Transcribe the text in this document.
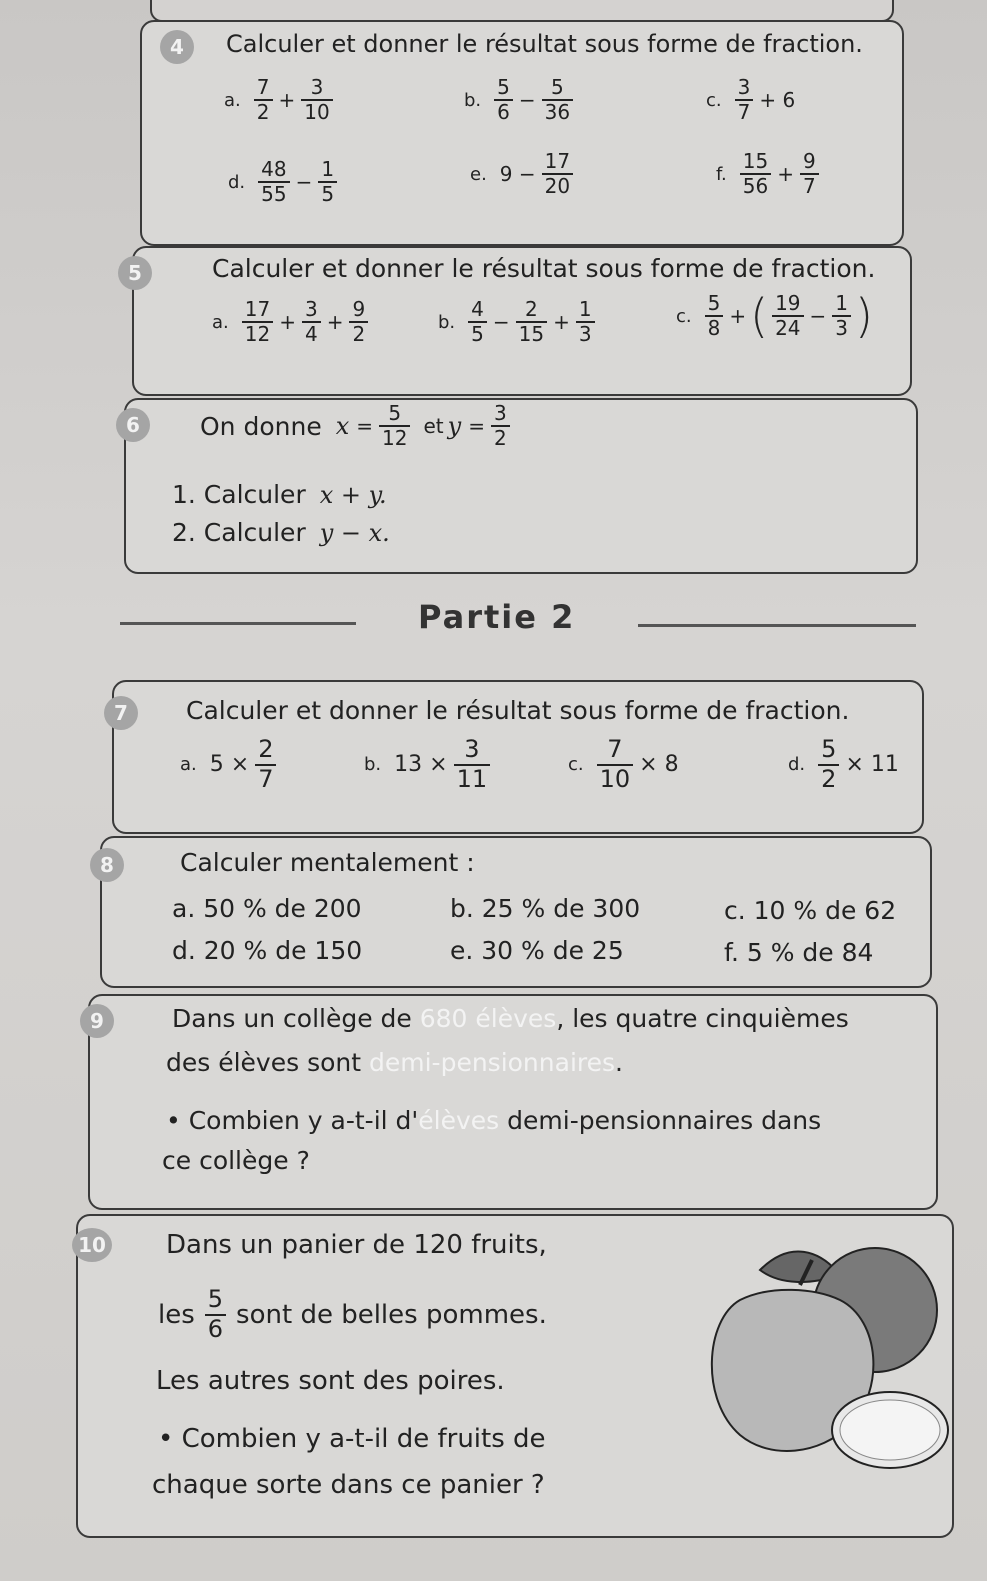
4	Calculer et donner le résultat sous forme de fraction.
a. $\frac{7}{2} + \frac{3}{10}$	b. $\frac{5}{6} - \frac{5}{36}$	c. $\frac{3}{7} + 6$
d. $\frac{48}{55} - \frac{1}{5}$	e. $9 - \frac{17}{20}$	f. $\frac{15}{56} + \frac{9}{7}$
5	Calculer et donner le résultat sous forme de fraction.
a. $\frac{17}{12} + \frac{3}{4} + \frac{9}{2}$	b. $\frac{4}{5} - \frac{2}{15} + \frac{1}{3}$	c. $\frac{5}{8}$ + ( $\frac{19}{24} - \frac{1}{3}$ )
6	On donne $x = \frac{5}{12}$ et $y = \frac{3}{2}$
1. Calculer x + y.
2. Calculer y − x.
Partie 2
7	Calculer et donner le résultat sous forme de fraction.
a. $5 \times \frac{2}{7}$	b. $13 \times \frac{3}{11}$	c. $\frac{7}{10} \times 8$	d. $\frac{5}{2} \times 11$
8	Calculer mentalement :
a. 50 % de 200	b. 25 % de 300	c. 10 % de 62
d. 20 % de 150	e. 30 % de 25	f. 5 % de 84
9	Dans un collège de 680 élèves, les quatre cinquièmes
des élèves sont demi-pensionnaires.
• Combien y a-t-il d'élèves demi-pensionnaires dans
ce collège ?
10 Dans un panier de 120 fruits,
les $\frac{5}{6}$ sont de belles pommes.
Les autres sont des poires.
• Combien y a-t-il de fruits de
chaque sorte dans ce panier ?
